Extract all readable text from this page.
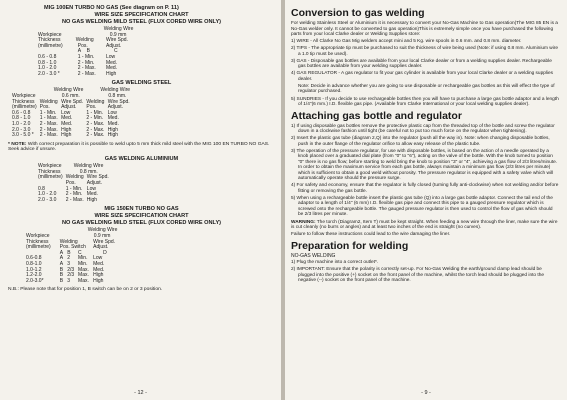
MIG 100EN TURBO NO GAS (See diagram on P. 11)

WIRE SIZE SPECIFICATION CHART

NO GAS WELDING MILD STEEL (FLUX CORED WIRE ONLY)

	Welding Wire	
Workpiece	0.9 mm	
Thickness	Welding	Wire Spd.
(millimetre)	Pos.	Adjust.
	A B	C
0.6 - 0.8	1 - Min.	Low
0.8 - 1.0	2 - Min.	Med.
1.0 - 2.0	2 - Max.	Med.
2.0 - 3.0 *	2 - Max.	High

GAS WELDING STEEL

	Welding Wire		Welding Wire	
Workpiece	0.6 mm.		0.8 mm.	
Thickness	Welding	Wire Spd.	Welding	Wire Spd.
(millimetre)	Pos.	Adjust.	Pos.	Adjust.
0.6 - 0.8	1 - Min.	Low	1 - Min.	Low
0.8 - 1.0	1 - Max.	Med.	2 - Min.	Med.
1.0 - 2.0	2 - Max.	Med.	2 - Max.	Med.
2.0 - 3.0	2 - Max.	High	2 - Max.	High
3.0 - 5.0 *	2 - Max.	High	2 - Max.	High

* NOTE: With correct preparation it is possible to weld upto 5 mm thick mild steel with the MIG 100 EN TURBO NO GAS. Seek advice if unsure.

GAS WELDING ALUMINIUM

Workpiece	Welding Wire	
Thickness	0.8 mm.	
(millimetre)	Welding	Wire Spd.
	Pos.	Adjust.
0.8	1 - Min.	Low
1.0 - 2.0	2 - Min.	Med.
2.0 - 3.0	2 - Max.	High

MIG 150EN TURBO NO GAS

WIRE SIZE SPECIFICATION CHART

NO GAS WELDING MILD STEEL (FLUX CORED WIRE ONLY)

	Welding Wire			
Workpiece	0.9 mm			
Thickness	Welding			Wire Spd.
(millimetre)	Pos. Switch			Adjust.
	A	B	C	D
0.6-0.8	A	2	Min.	Low
0.8-1.0	A	3	Min.	Med.
1.0-1.2	B	2/3	Max.	Med.
1.2-2.0	B	2/3	Max.	High
2.0-3.0*	B	3	Max.	High

N.B.: Please note that for position 1, B switch can be on 2 or 3 position.

- 12 -
Conversion to gas welding

For welding Stainless Steel or Aluminium it is necessary to convert your No-Gas Machine to Gas operation(The MIG 85 EN is a No-Gas welder only. It cannot be converted to gas operation)This is extremely simple once you have purchased the following parts from your local Clarke dealer or Welding Supplies store:

1) WIRE - All Clarke No Gas Mig welders accept mini and 5 Kg. wire spools in 0.6 mm. and 0.8 mm. diameter.

2) TIPS - The appropriate tip must be purchased to suit the thickness of wire being used (Note: if using 0.8 mm. Aluminium wire a 1.0 tip must be used).

3) GAS - Disposable gas bottles are available from your local Clarke dealer or from a welding supplies dealer. Rechargeable gas bottles are available from your welding supplies dealer.

4) GAS REGULATOR - A gas regulator to fit your gas cylinder is available from your local Clarke dealer or a welding supplies dealer.

Note: Decide in advance whether you are going to use disposable or rechargeable gas bottles as this will effect the type of regulator purchased.

5) SUNDRIES - If you decide to use rechargeable bottles then you will have to purchase a large gas bottle adaptor and a length of 1/4"(6 mm.) I.D. flexible gas pipe. (Available from Clarke International or your local welding supplies dealer).

Attaching gas bottle and regulator

1) If using disposable gas bottles remove the protective plastic cap from the threaded top of the bottle and screw the regulator down in a clockwise fashion until tight (be careful not to put too much force on the regulator when tightening).

2) Insert the plastic gas tube (diagram 2,Q) into the regulator (push all the way in). Note: when changing disposable bottles, push in the outer flange of the regulator orifice to allow easy release of the plastic tube.

3) The operation of the pressure regulator, for use with disposable bottles, is based on the action of a needle operated by a knob placed over a graduated dial plate (from "0" to "6"), acting on the valve of the bottle. With the knob turned to position "0" there is no gas flow; before starting to weld bring the knob to position "3" or "4", achieving a gas flow of 2/3 litres/minute. In order to obtain the maximum service from each gas bottle, always maintain a minimum gas flow (2/3 litres per minute) which is sufficient to obtain a good weld without porosity. The pressure regulator is equipped with a safety valve which will automatically operate should the pressure surge.

4) For safety and economy, ensure that the regulator is fully closed (turning fully anti-clockwise) when not welding and/or before fitting or removing the gas bottle.

5) When using a rechargeable bottle insert the plastic gas tube (Q) into a large gas bottle adaptor. Connect the tail end of the adaptor to a length of 1/4" (6 mm) I.D. flexible gas pipe and connect this pipe to a gauged pressure regulator which is screwed onto the rechargeable bottle. The gauged pressure regulator is then used to control the flow of gas which should be 2/3 litres per minute.

WARNING: The torch (Diagram2, Item T) must be kept straight. When feeding a new wire through the liner, make sure the wire is cut cleanly (no burrs or angles) and at least two inches of the end is straight (no curves).

Failure to follow these instructions could lead to the wire damaging the liner.

Preparation for welding

NO-GAS WELDING

1) Plug the machine into a correct outlet*.

2) IMPORTANT: Ensure that the polarity is correctly set-up. For No-Gas Welding the earth/ground clamp lead should be plugged into the positive (+) socket on the front panel of the machine, whilst the torch lead should be plugged into the negative (--) socket on the front panel of the machine.

- 9 -
